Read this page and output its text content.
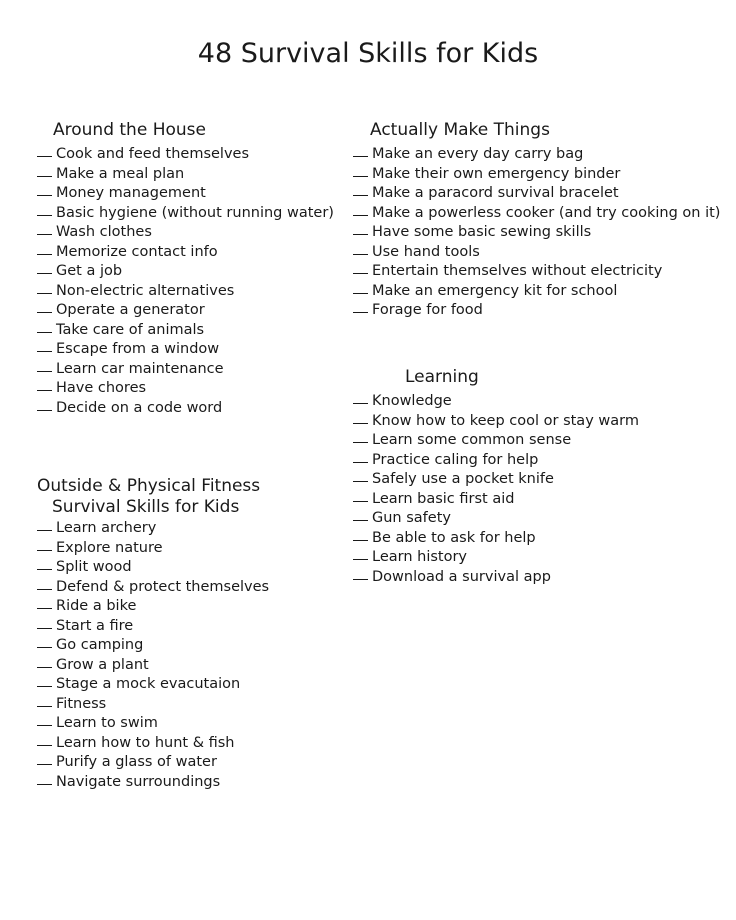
48 Survival Skills for Kids
Around the House
Cook and feed themselves
Make a meal plan
Money management
Basic hygiene (without running water)
Wash clothes
Memorize contact info
Get a job
Non-electric alternatives
Operate a generator
Take care of animals
Escape from a window
Learn car maintenance
Have chores
Decide on a code word
Outside & Physical Fitness
Survival Skills for Kids
Learn archery
Explore nature
Split wood
Defend & protect themselves
Ride a bike
Start a fire
Go camping
Grow a plant
Stage a mock evacutaion
Fitness
Learn to swim
Learn how to hunt & fish
Purify a glass of water
Navigate surroundings
Actually Make Things
Make an every day carry bag
Make their own emergency binder
Make a paracord survival bracelet
Make a powerless cooker (and try cooking on it)
Have some basic sewing skills
Use hand tools
Entertain themselves without electricity
Make an emergency kit for school
Forage for food
Learning
Knowledge
Know how to keep cool or stay warm
Learn some common sense
Practice caling for help
Safely use a pocket knife
Learn basic first aid
Gun safety
Be able to ask for help
Learn history
Download a survival app
